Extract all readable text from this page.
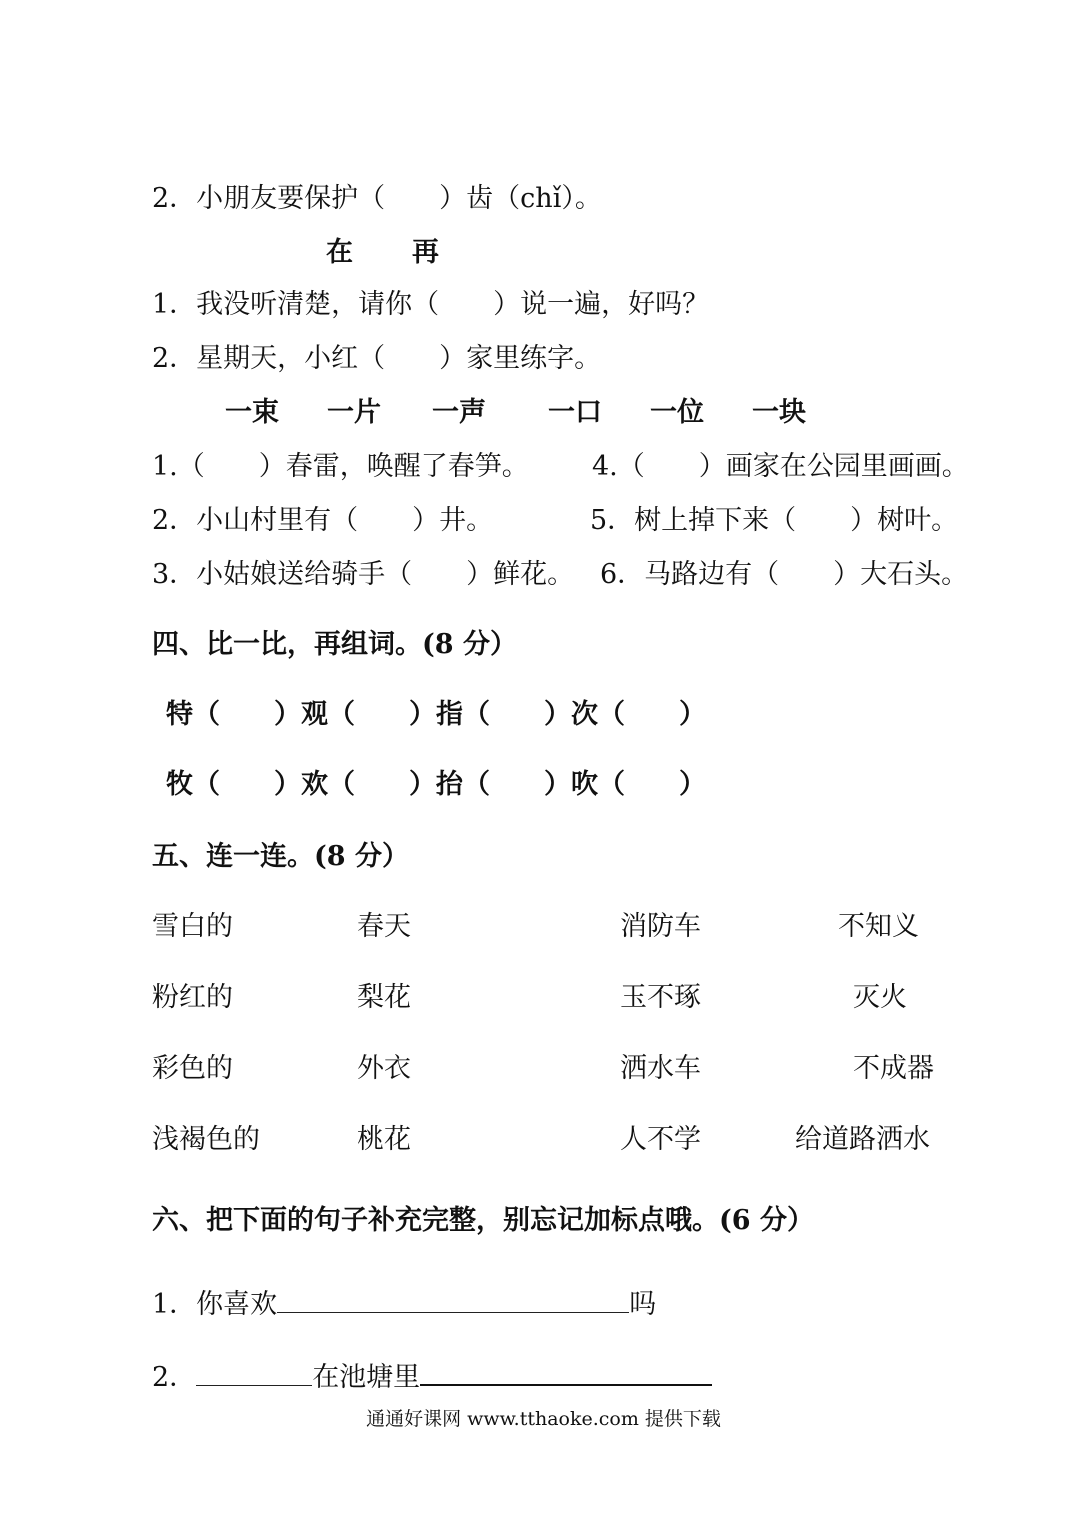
2．小朋友要保护（　　）齿（chǐ）。
在 再
1．我没听清楚，请你（　　）说一遍，好吗？
2．星期天，小红（　　）家里练字。
一束 一片 一声 一口 一位 一块
1.（　　）春雷，唤醒了春笋。
2．小山村里有（　　）井。
3．小姑娘送给骑手（　　）鲜花。
4.（　　）画家在公园里画画。
5．树上掉下来（　　）树叶。
6．马路边有（　　）大石头。
四、比一比，再组词。(8 分）
特（　　）观（　　）指（　　）次（　　）
牧（　　）欢（　　）抬（　　）吹（　　）
五、连一连。(8 分）
雪白的
粉红的
彩色的
浅褐色的
春天
梨花
外衣
桃花
消防车
玉不琢
洒水车
人不学
不知义
灭火
不成器
给道路洒水
六、把下面的句子补充完整，别忘记加标点哦。(6 分）
1．你喜欢	吗
2．	在池塘里
通通好课网 www.tthaoke.com 提供下载
